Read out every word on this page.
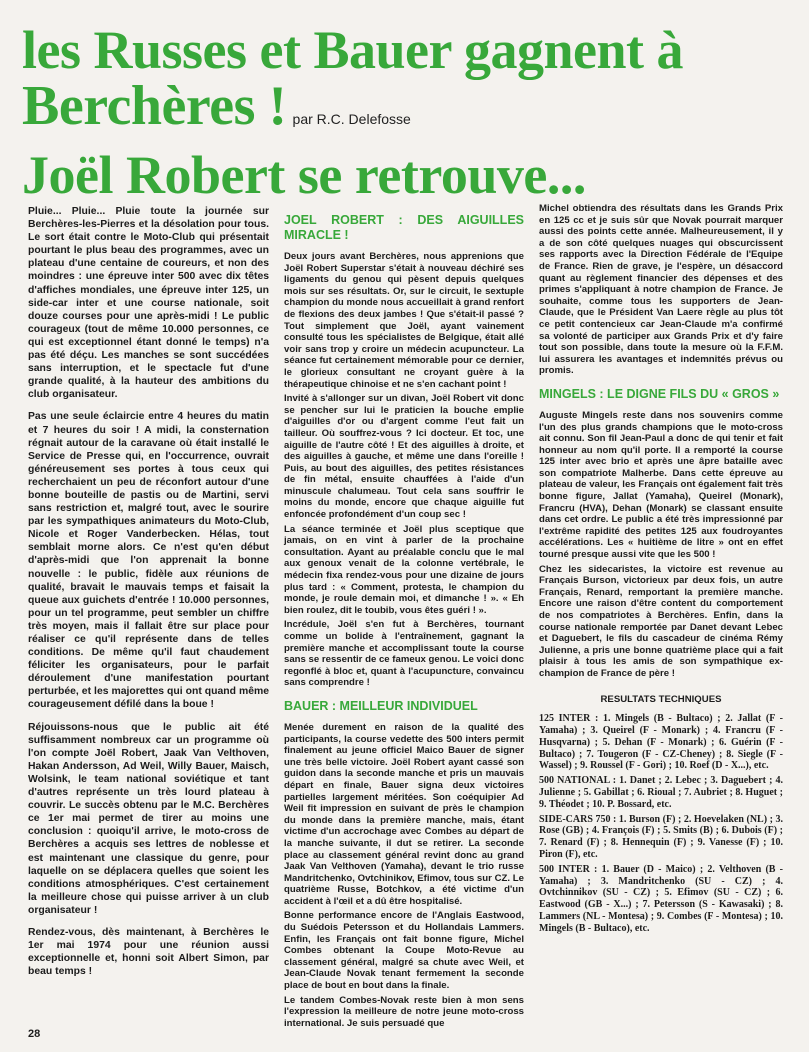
les Russes et Bauer gagnent à
Berchères ! par R.C. Delefosse
Joël Robert se retrouve...

Pluie... Pluie... Pluie toute la journée sur Berchères-les-Pierres et la désolation pour tous. Le sort était contre le Moto-Club qui présentait pourtant le plus beau des programmes, avec un plateau d'une centaine de coureurs, et non des moindres : une épreuve inter 500 avec dix têtes d'affiches mondiales, une épreuve inter 125, un side-car inter et une course nationale, soit douze courses pour une après-midi ! Le public courageux (tout de même 10.000 personnes, ce qui est exceptionnel étant donné le temps) n'a pas été déçu. Les manches se sont succédées sans interruption, et le spectacle fut d'une grande qualité, à la hauteur des ambitions du club organisateur.

Pas une seule éclaircie entre 4 heures du matin et 7 heures du soir ! A midi, la consternation régnait autour de la caravane où était installé le Service de Presse qui, en l'occurrence, ouvrait généreusement ses portes à tous ceux qui recherchaient un peu de réconfort autour d'une bonne bouteille de pastis ou de Martini, servi sans restriction et, malgré tout, avec le sourire par les sympathiques animateurs du Moto-Club, Nicole et Roger Vanderbecken. Hélas, tout semblait morne alors. Ce n'est qu'en début d'après-midi que l'on apprenait la bonne nouvelle : le public, fidèle aux réunions de qualité, bravait le mauvais temps et faisait la queue aux guichets d'entrée ! 10.000 personnes, pour un tel programme, peut sembler un chiffre très moyen, mais il fallait être sur place pour réaliser ce qu'il représente dans de telles conditions. De même qu'il faut chaudement féliciter les organisateurs, pour le parfait déroulement d'une manifestation pourtant perturbée, et les majorettes qui ont quand même courageusement défilé dans la boue !

Réjouissons-nous que le public ait été suffisamment nombreux car un programme où l'on compte Joël Robert, Jaak Van Velthoven, Hakan Andersson, Ad Weil, Willy Bauer, Maisch, Wolsink, le team national soviétique et tant d'autres représente un très lourd plateau à couvrir. Le succès obtenu par le M.C. Berchères ce 1er mai permet de tirer au moins une conclusion : quoiqu'il arrive, le moto-cross de Berchères a acquis ses lettres de noblesse et est maintenant une classique du genre, pour laquelle on se déplacera quelles que soient les conditions atmosphériques. C'est certainement la meilleure chose qui puisse arriver à un club organisateur !

Rendez-vous, dès maintenant, à Berchères le 1er mai 1974 pour une réunion aussi exceptionnelle et, honni soit Albert Simon, par beau temps !

JOEL ROBERT : DES AIGUILLES MIRACLE !

Deux jours avant Berchères, nous apprenions que Joël Robert Superstar s'était à nouveau déchiré ses ligaments du genou qui pèsent depuis quelques mois sur ses résultats. Or, sur le circuit, le sextuple champion du monde nous accueillait à grand renfort de flexions des deux jambes ! Que s'était-il passé ? Tout simplement que Joël, ayant vainement consulté tous les spécialistes de Belgique, était allé voir sans trop y croire un médecin acupuncteur. La séance fut certainement mémorable pour ce dernier, le glorieux consultant ne croyant guère à la thérapeutique chinoise et ne s'en cachant point !

Invité à s'allonger sur un divan, Joël Robert vit donc se pencher sur lui le praticien la bouche emplie d'aiguilles d'or ou d'argent comme l'eut fait un tailleur. Où souffrez-vous ? Ici docteur. Et toc, une aiguille de l'autre côté ! Et des aiguilles à droite, et des aiguilles à gauche, et même une dans l'oreille ! Puis, au bout des aiguilles, des petites résistances de fin métal, ensuite chauffées à l'aide d'un minuscule chalumeau. Tout cela sans souffrir le moins du monde, encore que chaque aiguille fut enfoncée profondément d'un coup sec !

La séance terminée et Joël plus sceptique que jamais, on en vint à parler de la prochaine consultation. Ayant au préalable conclu que le mal aux genoux venait de la colonne vertébrale, le médecin fixa rendez-vous pour une dizaine de jours plus tard : « Comment, protesta, le champion du monde, je roule demain moi, et dimanche ! ». « Eh bien roulez, dit le toubib, vous êtes guéri ! ».

Incrédule, Joël s'en fut à Berchères, tournant comme un bolide à l'entraînement, gagnant la première manche et accomplissant toute la course sans se ressentir de ce fameux genou. Le voici donc regonflé à bloc et, quant à l'acupuncture, convaincu sans comprendre !

BAUER : MEILLEUR INDIVIDUEL

Menée durement en raison de la qualité des participants, la course vedette des 500 inters permit finalement au jeune officiel Maico Bauer de signer une très belle victoire. Joël Robert ayant cassé son guidon dans la seconde manche et pris un mauvais départ en finale, Bauer signa deux victoires partielles largement méritées. Son coéquipier Ad Weil fit impression en suivant de près le champion du monde dans la première manche, mais, étant victime d'un accrochage avec Combes au départ de la manche suivante, il dut se retirer. La seconde place au classement général revint donc au grand Jaak Van Velthoven (Yamaha), devant le trio russe Mandritchenko, Ovtchinikov, Efimov, tous sur CZ. Le quatrième Russe, Botchkov, a été victime d'un accident à l'œil et a dû être hospitalisé.

Bonne performance encore de l'Anglais Eastwood, du Suédois Petersson et du Hollandais Lammers. Enfin, les Français ont fait bonne figure, Michel Combes obtenant la Coupe Moto-Revue au classement général, malgré sa chute avec Weil, et Jean-Claude Novak tenant fermement la seconde place de bout en bout dans la finale.

Le tandem Combes-Novak reste bien à mon sens l'expression la meilleure de notre jeune moto-cross international. Je suis persuadé que

Michel obtiendra des résultats dans les Grands Prix en 125 cc et je suis sûr que Novak pourrait marquer aussi des points cette année. Malheureusement, il y a de son côté quelques nuages qui obscurcissent ses rapports avec la Direction Fédérale de l'Equipe de France. Rien de grave, je l'espère, un désaccord quant au règlement financier des dépenses et des primes s'appliquant à notre champion de France. Je souhaite, comme tous les supporters de Jean-Claude, que le Président Van Laere règle au plus tôt ce petit contencieux car Jean-Claude m'a confirmé sa volonté de participer aux Grands Prix et d'y faire tout son possible, dans toute la mesure où la F.F.M. lui assurera les avantages et indemnités prévus ou promis.

MINGELS : LE DIGNE FILS DU « GROS »

Auguste Mingels reste dans nos souvenirs comme l'un des plus grands champions que le moto-cross ait connu. Son fil Jean-Paul a donc de qui tenir et fait honneur au nom qu'il porte. Il a remporté la course 125 inter avec brio et après une âpre bataille avec son compatriote Malherbe. Dans cette épreuve au plateau de valeur, les Français ont également fait très bonne figure, Jallat (Yamaha), Queirel (Monark), Francru (HVA), Dehan (Monark) se classant ensuite dans cet ordre. Le public a été très impressionné par l'extrême rapidité des petites 125 aux foudroyantes accélérations. Les « huitième de litre » ont en effet tourné presque aussi vite que les 500 !

Chez les sidecaristes, la victoire est revenue au Français Burson, victorieux par deux fois, un autre Français, Renard, remportant la première manche. Encore une raison d'être content du comportement de nos compatriotes à Berchères. Enfin, dans la course nationale remportée par Danet devant Lebec et Daguebert, le fils du cascadeur de cinéma Rémy Julienne, a pris une bonne quatrième place qui a fait plaisir à tous les amis de son sympathique ex-champion de France de père !

RESULTATS TECHNIQUES

125 INTER : 1. Mingels (B - Bultaco) ; 2. Jallat (F - Yamaha) ; 3. Queirel (F - Monark) ; 4. Francru (F - Husqvarna) ; 5. Dehan (F - Monark) ; 6. Guérin (F - Bultaco) ; 7. Tougeron (F - CZ-Cheney) ; 8. Siegle (F - Wassel) ; 9. Roussel (F - Gori) ; 10. Roef (D - X...), etc.

500 NATIONAL : 1. Danet ; 2. Lebec ; 3. Daguebert ; 4. Julienne ; 5. Gabillat ; 6. Rioual ; 7. Aubriet ; 8. Huguet ; 9. Théodet ; 10. P. Bossard, etc.

SIDE-CARS 750 : 1. Burson (F) ; 2. Hoevelaken (NL) ; 3. Rose (GB) ; 4. François (F) ; 5. Smits (B) ; 6. Dubois (F) ; 7. Renard (F) ; 8. Hennequin (F) ; 9. Vanesse (F) ; 10. Piron (F), etc.

500 INTER : 1. Bauer (D - Maico) ; 2. Velthoven (B - Yamaha) ; 3. Mandritchenko (SU - CZ) ; 4. Ovtchinnikov (SU - CZ) ; 5. Efimov (SU - CZ) ; 6. Eastwood (GB - X...) ; 7. Petersson (S - Kawasaki) ; 8. Lammers (NL - Montesa) ; 9. Combes (F - Montesa) ; 10. Mingels (B - Bultaco), etc.

28
